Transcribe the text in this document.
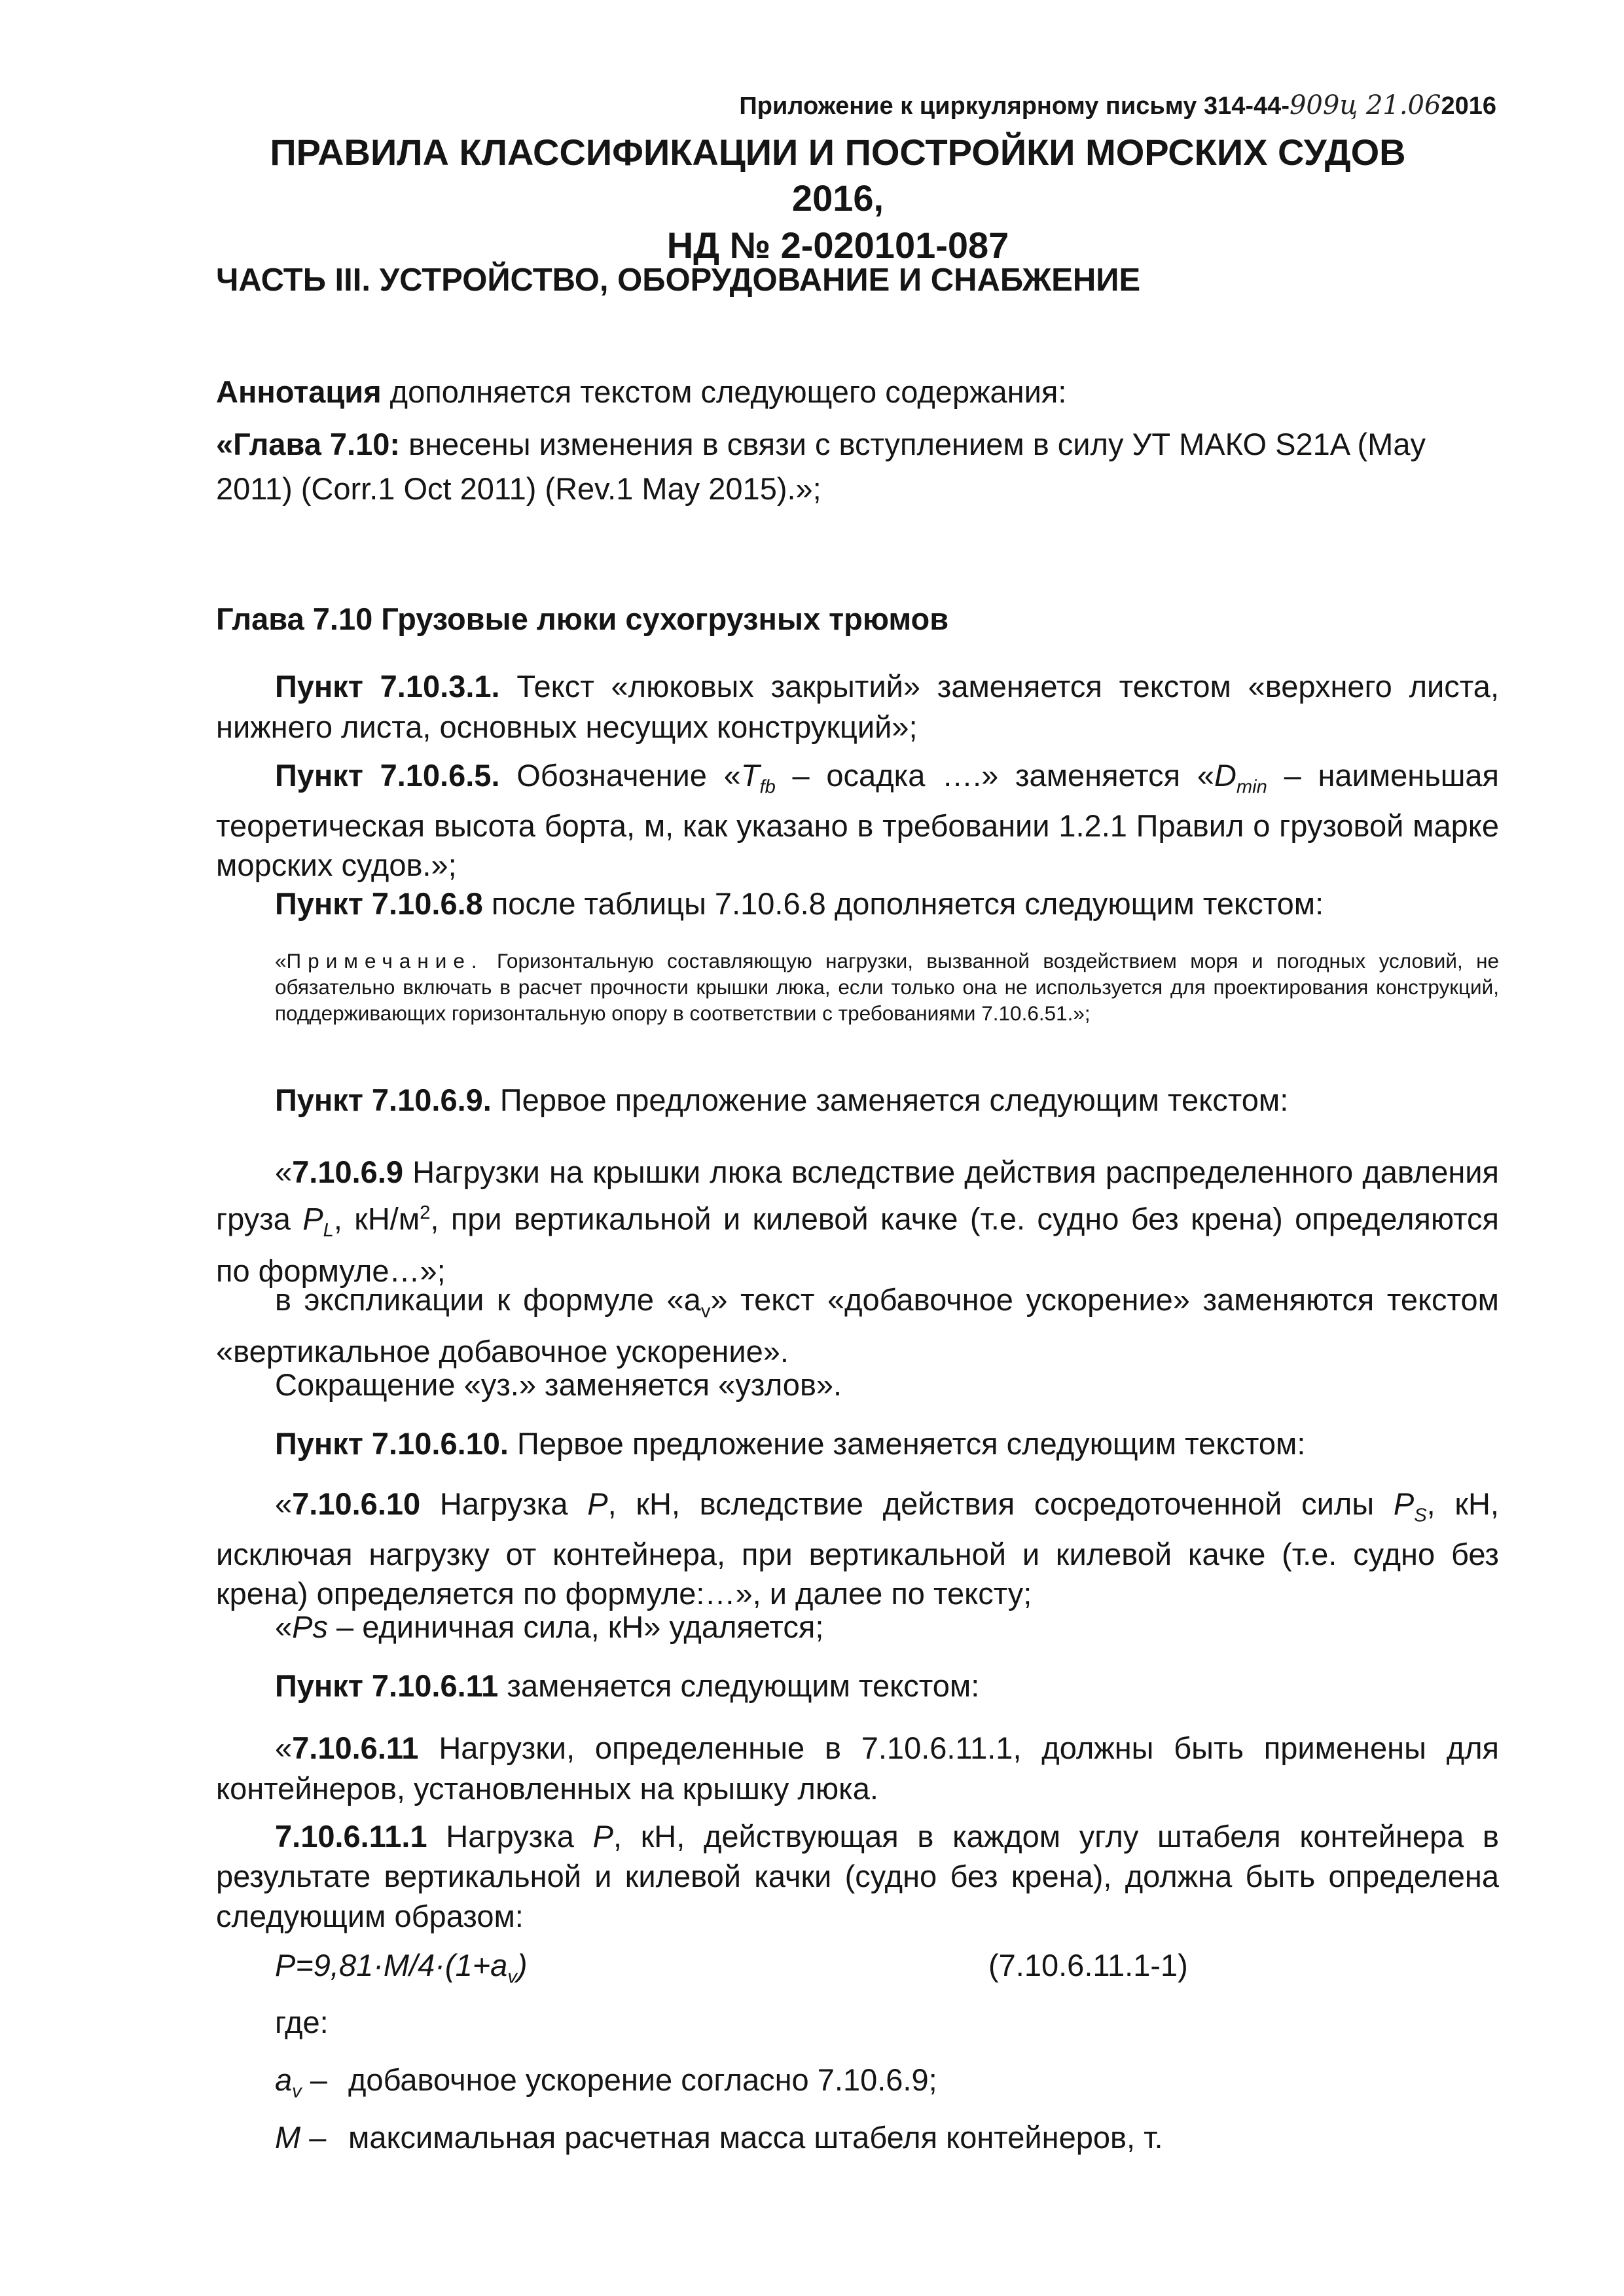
Приложение к циркулярному письму 314-44-909ц 21.062016
ПРАВИЛА КЛАССИФИКАЦИИ И ПОСТРОЙКИ МОРСКИХ СУДОВ
2016,
НД № 2-020101-087
ЧАСТЬ III. УСТРОЙСТВО, ОБОРУДОВАНИЕ И СНАБЖЕНИЕ
Аннотация дополняется текстом следующего содержания:
«Глава 7.10: внесены изменения в связи с вступлением в силу УТ МАКО S21A (May 2011) (Corr.1 Oct 2011) (Rev.1 May 2015).»;
Глава 7.10 Грузовые люки сухогрузных трюмов
Пункт 7.10.3.1. Текст «люковых закрытий» заменяется текстом «верхнего листа, нижнего листа, основных несущих конструкций»;
Пункт 7.10.6.5. Обозначение «$T_{fb}$ – осадка ….» заменяется «$D_{min}$ – наименьшая теоретическая высота борта, м, как указано в требовании 1.2.1 Правил о грузовой марке морских судов.»;
Пункт 7.10.6.8 после таблицы 7.10.6.8 дополняется следующим текстом:
«Примечание. Горизонтальную составляющую нагрузки, вызванной воздействием моря и погодных условий, не обязательно включать в расчет прочности крышки люка, если только она не используется для проектирования конструкций, поддерживающих горизонтальную опору в соответствии с требованиями 7.10.6.51.»;
Пункт 7.10.6.9. Первое предложение заменяется следующим текстом:
«7.10.6.9 Нагрузки на крышки люка вследствие действия распределенного давления груза $P_L$, $кН/м^2$, при вертикальной и килевой качке (т.е. судно без крена) определяются по формуле…»;
в экспликации к формуле «$a_v$» текст «добавочное ускорение» заменяются текстом «вертикальное добавочное ускорение».
Сокращение «уз.» заменяется «узлов».
Пункт 7.10.6.10. Первое предложение заменяется следующим текстом:
«7.10.6.10 Нагрузка P, кН, вследствие действия сосредоточенной силы $P_S$, кН, исключая нагрузку от контейнера, при вертикальной и килевой качке (т.е. судно без крена) определяется по формуле:…», и далее по тексту;
«Ps – единичная сила, кН» удаляется;
Пункт 7.10.6.11 заменяется следующим текстом:
«7.10.6.11 Нагрузки, определенные в 7.10.6.11.1, должны быть применены для контейнеров, установленных на крышку люка.
7.10.6.11.1 Нагрузка P, кН, действующая в каждом углу штабеля контейнера в результате вертикальной и килевой качки (судно без крена), должна быть определена следующим образом:
$P=9,81\cdot M/4\cdot(1+a_v)$	(7.10.6.11.1-1)
где:
$a_v$ –добавочное ускорение согласно 7.10.6.9;
M –максимальная расчетная масса штабеля контейнеров, т.
